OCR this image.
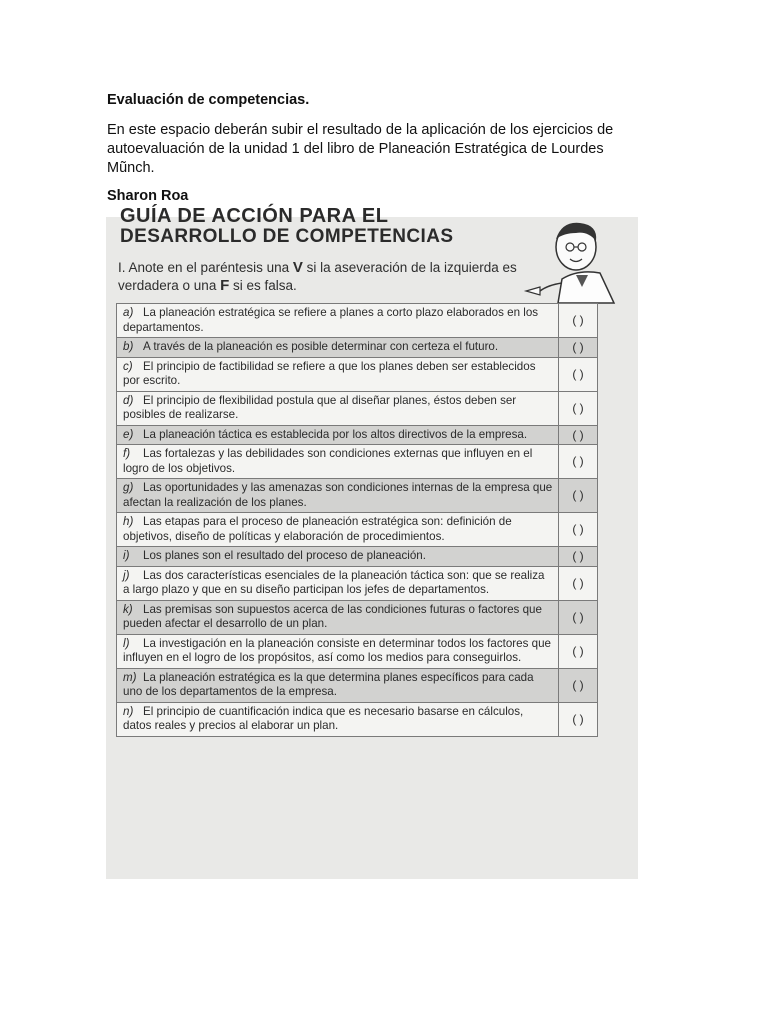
Evaluación de competencias.
En este espacio deberán subir el resultado de la aplicación de los ejercicios de autoevaluación de la unidad 1 del libro de Planeación Estratégica de Lourdes Mũnch.
Sharon Roa
GUÍA DE ACCIÓN PARA EL
DESARROLLO DE COMPETENCIAS
I. Anote en el paréntesis una V si la aseveración de la izquierda es verdadera o una F si es falsa.
a) La planeación estratégica se refiere a planes a corto plazo elaborados en los departamentos.	( )
b) A través de la planeación es posible determinar con certeza el futuro.	( )
c) El principio de factibilidad se refiere a que los planes deben ser establecidos por escrito.	( )
d) El principio de flexibilidad postula que al diseñar planes, éstos deben ser posibles de realizarse.	( )
e) La planeación táctica es establecida por los altos directivos de la empresa.	( )
f) Las fortalezas y las debilidades son condiciones externas que influyen en el logro de los objetivos.	( )
g) Las oportunidades y las amenazas son condiciones internas de la empresa que afectan la realización de los planes.	( )
h) Las etapas para el proceso de planeación estratégica son: definición de objetivos, diseño de políticas y elaboración de procedimientos.	( )
i) Los planes son el resultado del proceso de planeación.	( )
j) Las dos características esenciales de la planeación táctica son: que se realiza a largo plazo y que en su diseño participan los jefes de departamentos.	( )
k) Las premisas son supuestos acerca de las condiciones futuras o factores que pueden afectar el desarrollo de un plan.	( )
l) La investigación en la planeación consiste en determinar todos los factores que influyen en el logro de los propósitos, así como los medios para conseguirlos.	( )
m) La planeación estratégica es la que determina planes específicos para cada uno de los departamentos de la empresa.	( )
n) El principio de cuantificación indica que es necesario basarse en cálculos, datos reales y precios al elaborar un plan.	( )
